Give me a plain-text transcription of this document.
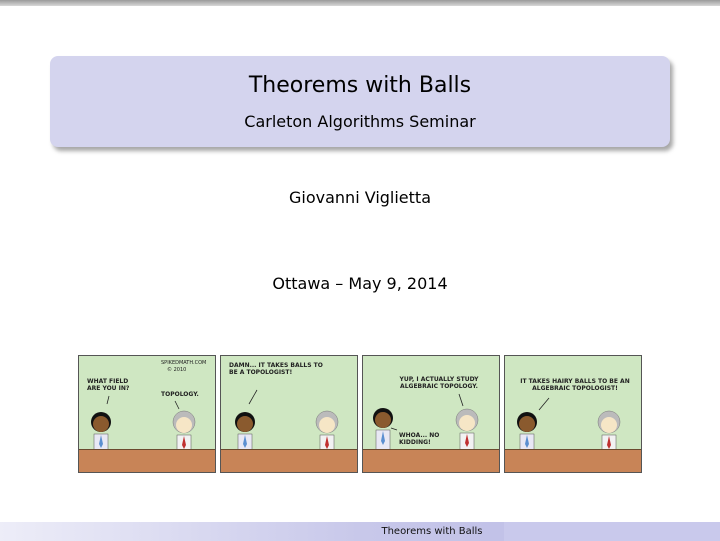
Theorems with Balls
Carleton Algorithms Seminar
Giovanni Viglietta
Ottawa – May 9, 2014
SPIKEDMATH.COM
© 2010
WHAT FIELD ARE YOU IN?
TOPOLOGY.
DAMN... IT TAKES BALLS TO BE A TOPOLOGIST!
YUP, I ACTUALLY STUDY ALGEBRAIC TOPOLOGY.
WHOA... NO KIDDING!
IT TAKES HAIRY BALLS TO BE AN ALGEBRAIC TOPOLOGIST!
Theorems with Balls
